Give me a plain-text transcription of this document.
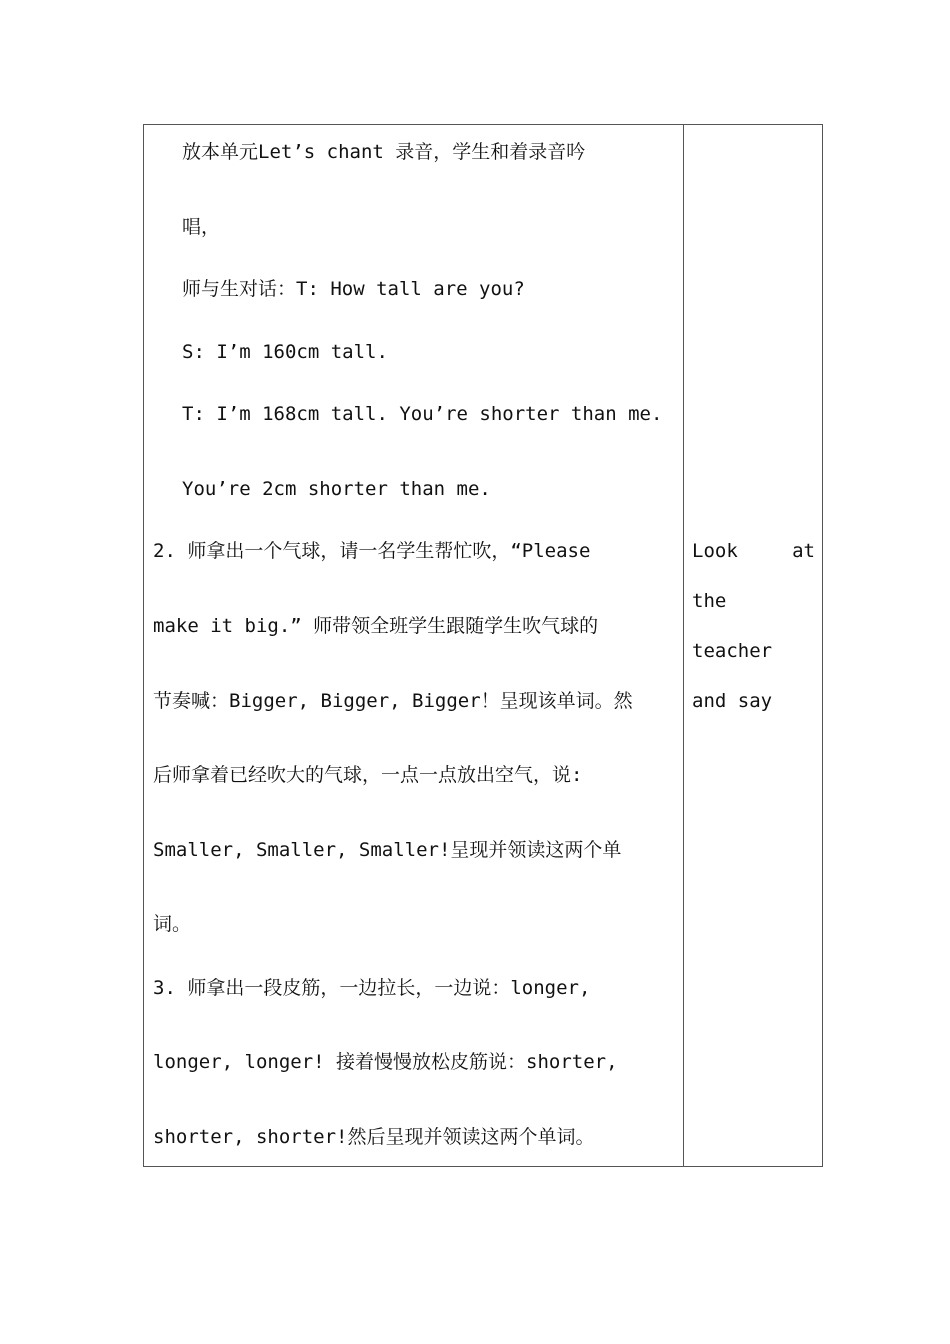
放本单元Let’s chant 录音，学生和着录音吟
唱，
师与生对话：T: How tall are you?
S: I’m 160cm tall.
T: I’m 168cm tall. You’re shorter than me.
You’re 2cm shorter than me.
2. 师拿出一个气球，请一名学生帮忙吹，“Please
make it big.” 师带领全班学生跟随学生吹气球的
节奏喊：Bigger, Bigger, Bigger！呈现该单词。然
后师拿着已经吹大的气球，一点一点放出空气，说:
Smaller, Smaller, Smaller!呈现并领读这两个单
词。
3. 师拿出一段皮筋，一边拉长，一边说：longer,
longer, longer! 接着慢慢放松皮筋说：shorter,
shorter, shorter!然后呈现并领读这两个单词。
Look	at
the
teacher
and say
